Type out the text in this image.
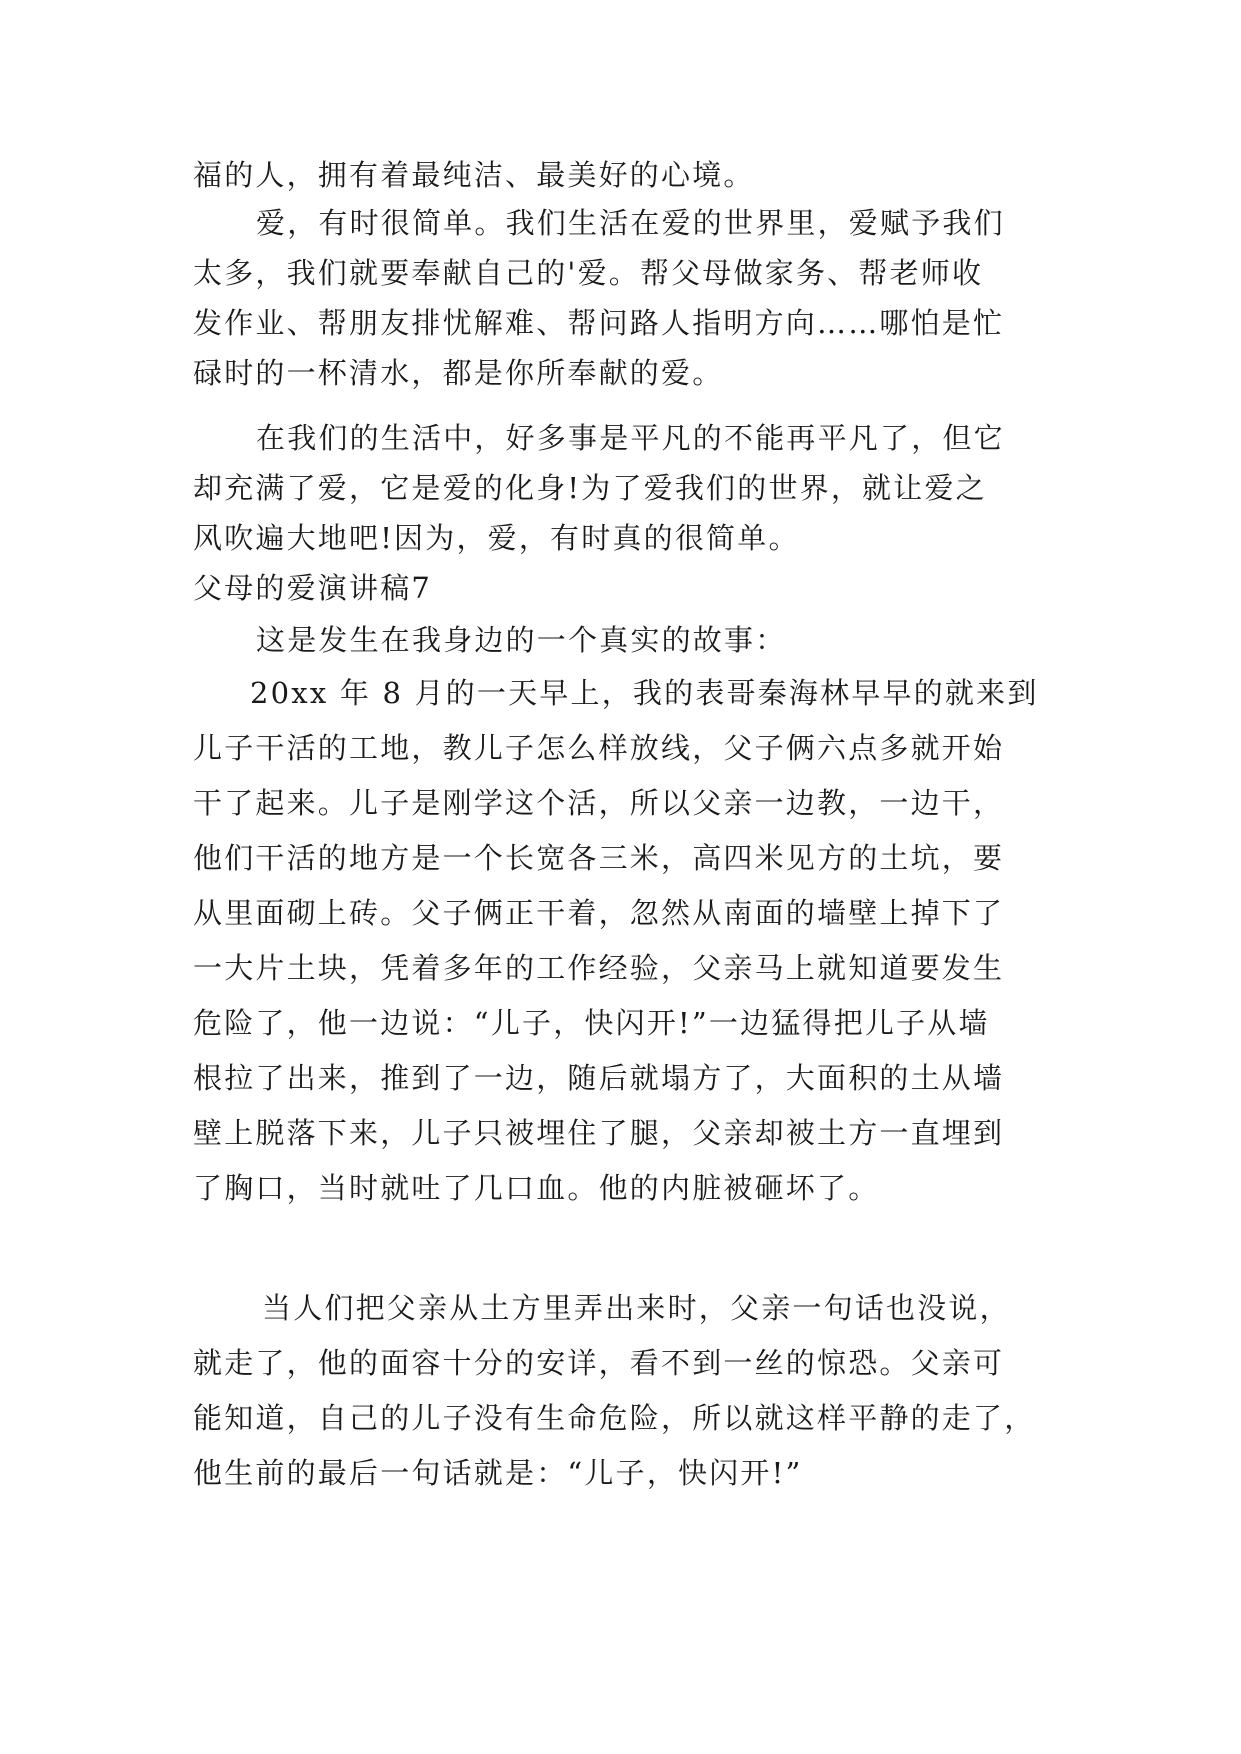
福的人，拥有着最纯洁、最美好的心境。
爱，有时很简单。我们生活在爱的世界里，爱赋予我们
太多，我们就要奉献自己的'爱。帮父母做家务、帮老师收
发作业、帮朋友排忧解难、帮问路人指明方向……哪怕是忙
碌时的一杯清水，都是你所奉献的爱。
在我们的生活中，好多事是平凡的不能再平凡了，但它
却充满了爱，它是爱的化身!为了爱我们的世界，就让爱之
风吹遍大地吧!因为，爱，有时真的很简单。
父母的爱演讲稿7
这是发生在我身边的一个真实的故事：
20xx 年 8 月的一天早上，我的表哥秦海林早早的就来到
儿子干活的工地，教儿子怎么样放线，父子俩六点多就开始
干了起来。儿子是刚学这个活，所以父亲一边教，一边干，
他们干活的地方是一个长宽各三米，高四米见方的土坑，要
从里面砌上砖。父子俩正干着，忽然从南面的墙壁上掉下了
一大片土块，凭着多年的工作经验，父亲马上就知道要发生
危险了，他一边说：“儿子，快闪开!”一边猛得把儿子从墙
根拉了出来，推到了一边，随后就塌方了，大面积的土从墙
壁上脱落下来，儿子只被埋住了腿，父亲却被土方一直埋到
了胸口，当时就吐了几口血。他的内脏被砸坏了。
当人们把父亲从土方里弄出来时，父亲一句话也没说，
就走了，他的面容十分的安详，看不到一丝的惊恐。父亲可
能知道，自己的儿子没有生命危险，所以就这样平静的走了，
他生前的最后一句话就是：“儿子，快闪开!”
